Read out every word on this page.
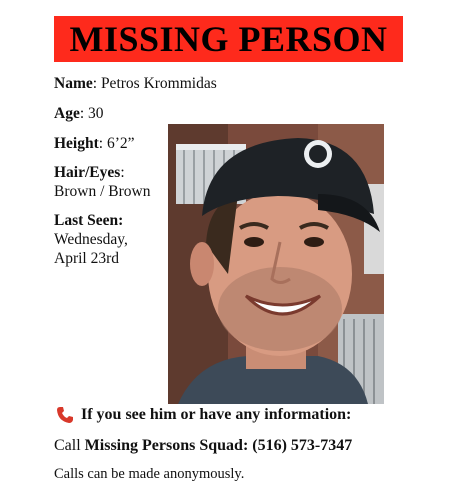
MISSING PERSON
Name: Petros Krommidas
Age: 30
Height: 6’2”
Hair/Eyes:
Brown / Brown
Last Seen:
Wednesday,
April 23rd
If you see him or have any information:
Call Missing Persons Squad: (516) 573-7347
Calls can be made anonymously.
